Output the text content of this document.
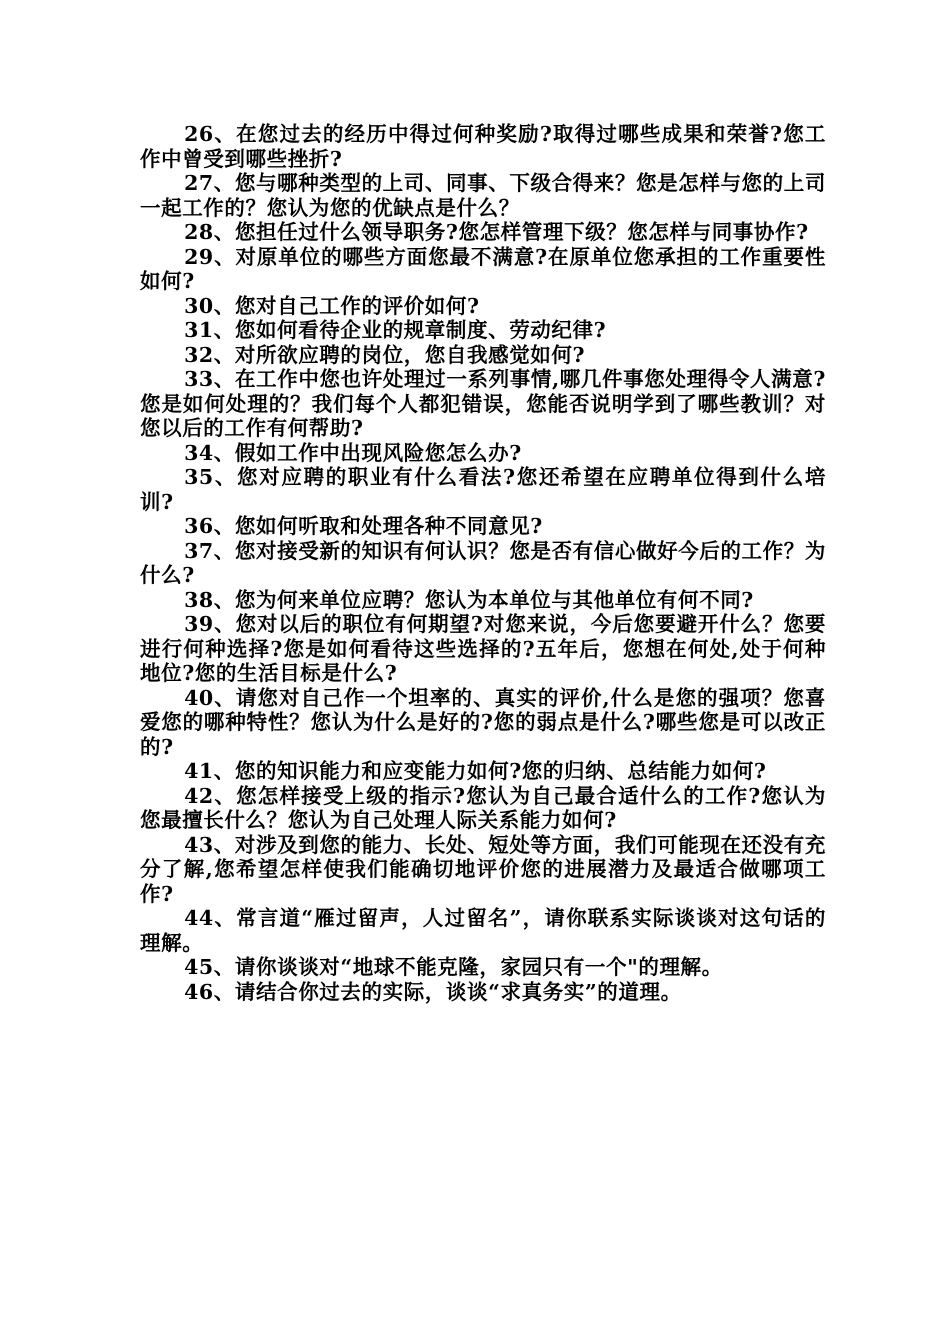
26、在您过去的经历中得过何种奖励?取得过哪些成果和荣誉?您工作中曾受到哪些挫折?

27、您与哪种类型的上司、同事、下级合得来？您是怎样与您的上司一起工作的？您认为您的优缺点是什么？

28、您担任过什么领导职务?您怎样管理下级？您怎样与同事协作?

29、对原单位的哪些方面您最不满意?在原单位您承担的工作重要性如何?

30、您对自己工作的评价如何?

31、您如何看待企业的规章制度、劳动纪律?

32、对所欲应聘的岗位，您自我感觉如何?

33、在工作中您也许处理过一系列事情,哪几件事您处理得令人满意?您是如何处理的？我们每个人都犯错误，您能否说明学到了哪些教训？对您以后的工作有何帮助?

34、假如工作中出现风险您怎么办?

35、您对应聘的职业有什么看法?您还希望在应聘单位得到什么培训?

36、您如何听取和处理各种不同意见?

37、您对接受新的知识有何认识？您是否有信心做好今后的工作？为什么?

38、您为何来单位应聘？您认为本单位与其他单位有何不同?

39、您对以后的职位有何期望?对您来说，今后您要避开什么？您要进行何种选择?您是如何看待这些选择的?五年后，您想在何处,处于何种地位?您的生活目标是什么?

40、请您对自己作一个坦率的、真实的评价,什么是您的强项？您喜爱您的哪种特性？您认为什么是好的?您的弱点是什么?哪些您是可以改正的?

41、您的知识能力和应变能力如何?您的归纳、总结能力如何?

42、您怎样接受上级的指示?您认为自己最合适什么的工作?您认为您最擅长什么？您认为自己处理人际关系能力如何?

43、对涉及到您的能力、长处、短处等方面，我们可能现在还没有充分了解,您希望怎样使我们能确切地评价您的进展潜力及最适合做哪项工作?

44、常言道“雁过留声，人过留名”，请你联系实际谈谈对这句话的理解。

45、请你谈谈对“地球不能克隆，家园只有一个"的理解。

46、请结合你过去的实际，谈谈“求真务实”的道理。
